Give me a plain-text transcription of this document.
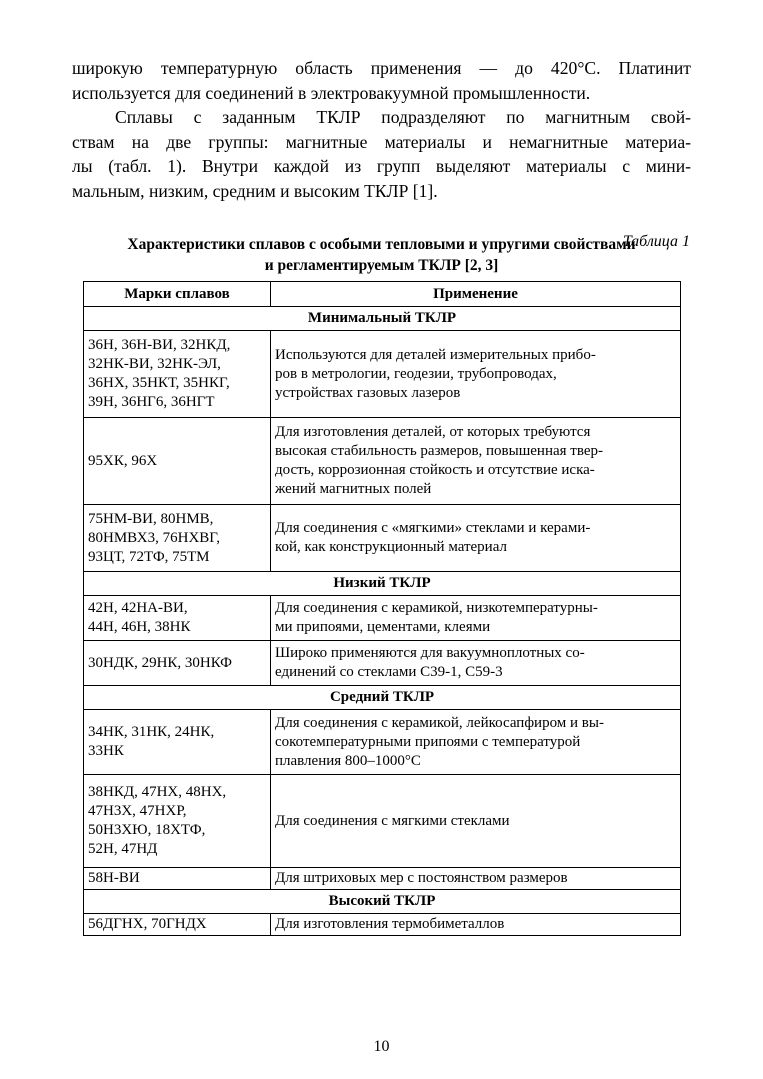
широкую температурную область применения — до 420°С. Платинит
используется для соединений в электровакуумной промышленности.

Сплавы с заданным ТКЛР подразделяют по магнитным свой-
ствам на две группы: магнитные материалы и немагнитные материа-
лы (табл. 1). Внутри каждой из групп выделяют материалы с мини-
мальным, низким, средним и высоким ТКЛР [1].

Таблица 1

Характеристики сплавов с особыми тепловыми и упругими свойствами
и регламентируемым ТКЛР [2, 3]
Марки сплавов	Применение
Минимальный ТКЛР	

36Н, 36Н-ВИ, 32НКД,
32НК-ВИ, 32НК-ЭЛ,
36НХ, 35НКТ, 35НКГ,
39Н, 36НГ6, 36НГТ	Используются для деталей измерительных прибо-
ров в метрологии, геодезии, трубопроводах,
устройствах газовых лазеров

95ХК, 96Х	Для изготовления деталей, от которых требуются
высокая стабильность размеров, повышенная твер-
дость, коррозионная стойкость и отсутствие иска-
жений магнитных полей

75НМ-ВИ, 80НМВ,
80НМВХ3, 76НХВГ,
93ЦТ, 72ТФ, 75ТМ	Для соединения с «мягкими» стеклами и керами-
кой, как конструкционный материал

Низкий ТКЛР	

42Н, 42НА-ВИ,
44Н, 46Н, 38НК	Для соединения с керамикой, низкотемпературны-
ми припоями, цементами, клеями

30НДК, 29НК, 30НКФ	Широко применяются для вакуумноплотных со-
единений со стеклами С39-1, С59-3

Средний ТКЛР	

34НК, 31НК, 24НК,
33НК	Для соединения с керамикой, лейкосапфиром и вы-
сокотемпературными припоями с температурой
плавления 800–1000°С

38НКД, 47НХ, 48НХ,
47Н3Х, 47НХР,
50Н3ХЮ, 18ХТФ,
52Н, 47НД	Для соединения с мягкими стеклами

58Н-ВИ	Для штриховых мер с постоянством размеров

Высокий ТКЛР	

56ДГНХ, 70ГНДХ	Для изготовления термобиметаллов

10
